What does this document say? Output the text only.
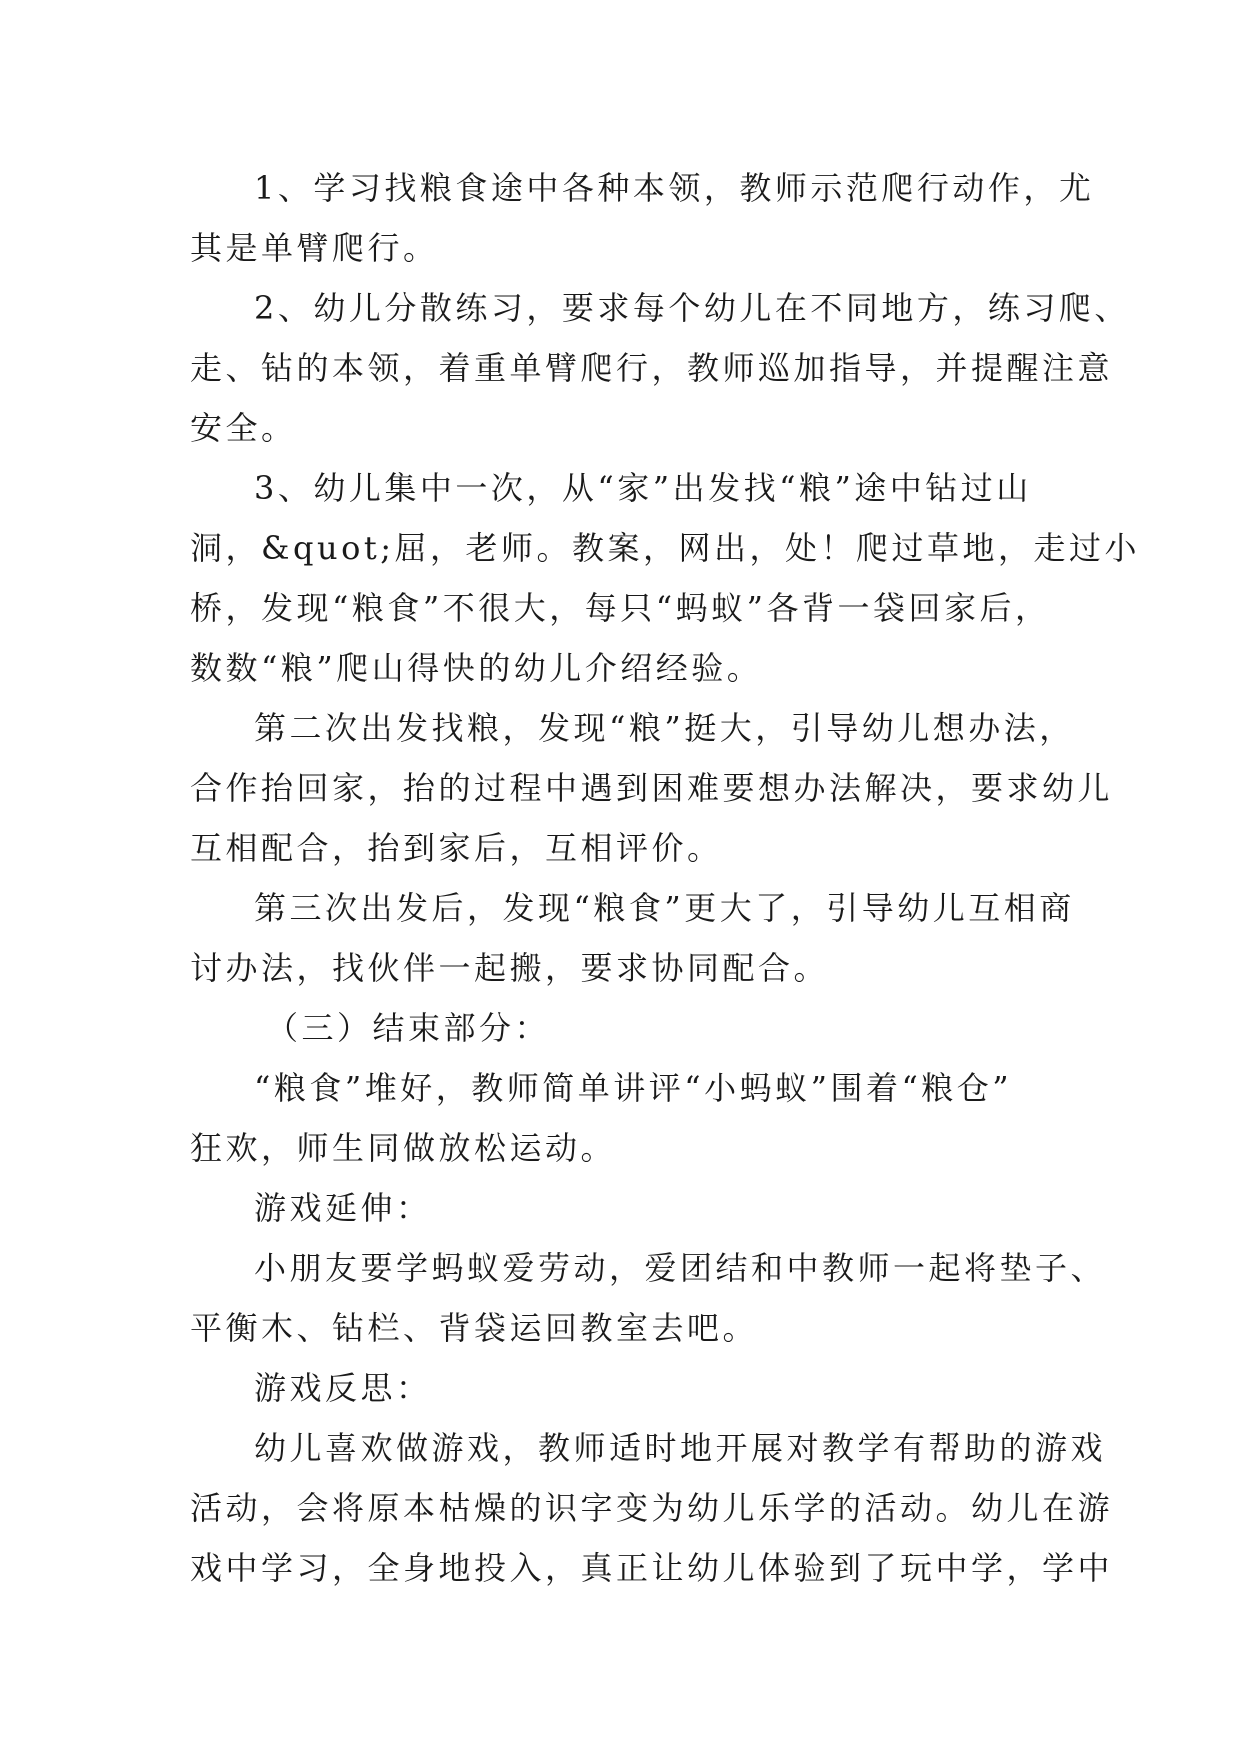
1、学习找粮食途中各种本领，教师示范爬行动作，尤
其是单臂爬行。
2、幼儿分散练习，要求每个幼儿在不同地方，练习爬、
走、钻的本领，着重单臂爬行，教师巡加指导，并提醒注意
安全。
3、幼儿集中一次，从“家”出发找“粮”途中钻过山
洞，&quot;屈，老师。教案，网出，处！爬过草地，走过小
桥，发现“粮食”不很大，每只“蚂蚁”各背一袋回家后，
数数“粮”爬山得快的幼儿介绍经验。
第二次出发找粮，发现“粮”挺大，引导幼儿想办法，
合作抬回家，抬的过程中遇到困难要想办法解决，要求幼儿
互相配合，抬到家后，互相评价。
第三次出发后，发现“粮食”更大了，引导幼儿互相商
讨办法，找伙伴一起搬，要求协同配合。
（三）结束部分：
“粮食”堆好，教师简单讲评“小蚂蚁”围着“粮仓”
狂欢，师生同做放松运动。
游戏延伸：
小朋友要学蚂蚁爱劳动，爱团结和中教师一起将垫子、
平衡木、钻栏、背袋运回教室去吧。
游戏反思：
幼儿喜欢做游戏，教师适时地开展对教学有帮助的游戏
活动，会将原本枯燥的识字变为幼儿乐学的活动。幼儿在游
戏中学习，全身地投入，真正让幼儿体验到了玩中学，学中
